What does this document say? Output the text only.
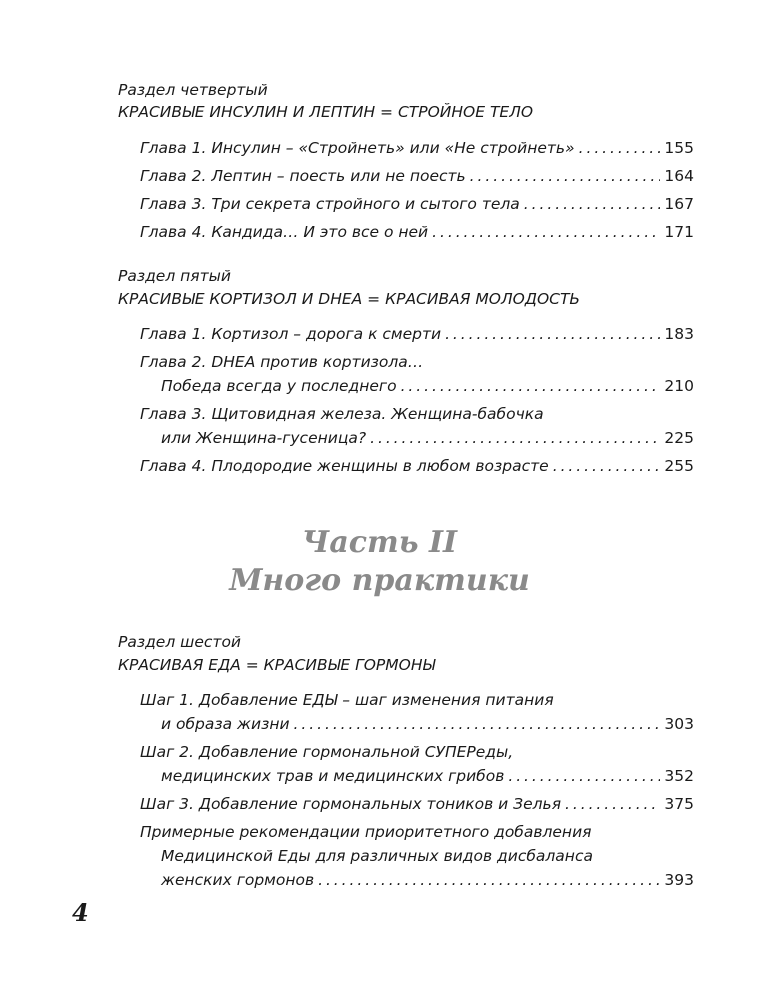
Раздел четвертый
КРАСИВЫЕ ИНСУЛИН И ЛЕПТИН = СТРОЙНОЕ ТЕЛО
Глава 1. Инсулин – «Стройнеть» или «Не стройнеть» . . .	155
Глава 2. Лептин – поесть или не поесть . . .	164
Глава 3. Три секрета стройного и сытого тела . . .	167
Глава 4. Кандида… И это все о ней . . .	171
Раздел пятый
КРАСИВЫЕ КОРТИЗОЛ И DHEA = КРАСИВАЯ МОЛОДОСТЬ
Глава 1. Кортизол – дорога к смерти . . .	183
Глава 2. DHEA против кортизола…
Победа всегда у последнего . . .	210
Глава 3. Щитовидная железа. Женщина-бабочка
или Женщина-гусеница? . . .	225
Глава 4. Плодородие женщины в любом возрасте . . .	255
Часть II
Много практики
Раздел шестой
КРАСИВАЯ ЕДА = КРАСИВЫЕ ГОРМОНЫ
Шаг 1. Добавление ЕДЫ – шаг изменения питания
и образа жизни . . .	303
Шаг 2. Добавление гормональной СУПЕРеды,
медицинских трав и медицинских грибов . . .	352
Шаг 3. Добавление гормональных тоников и Зелья . . .	375
Примерные рекомендации приоритетного добавления
Медицинской Еды для различных видов дисбаланса
женских гормонов . . .	393
4
